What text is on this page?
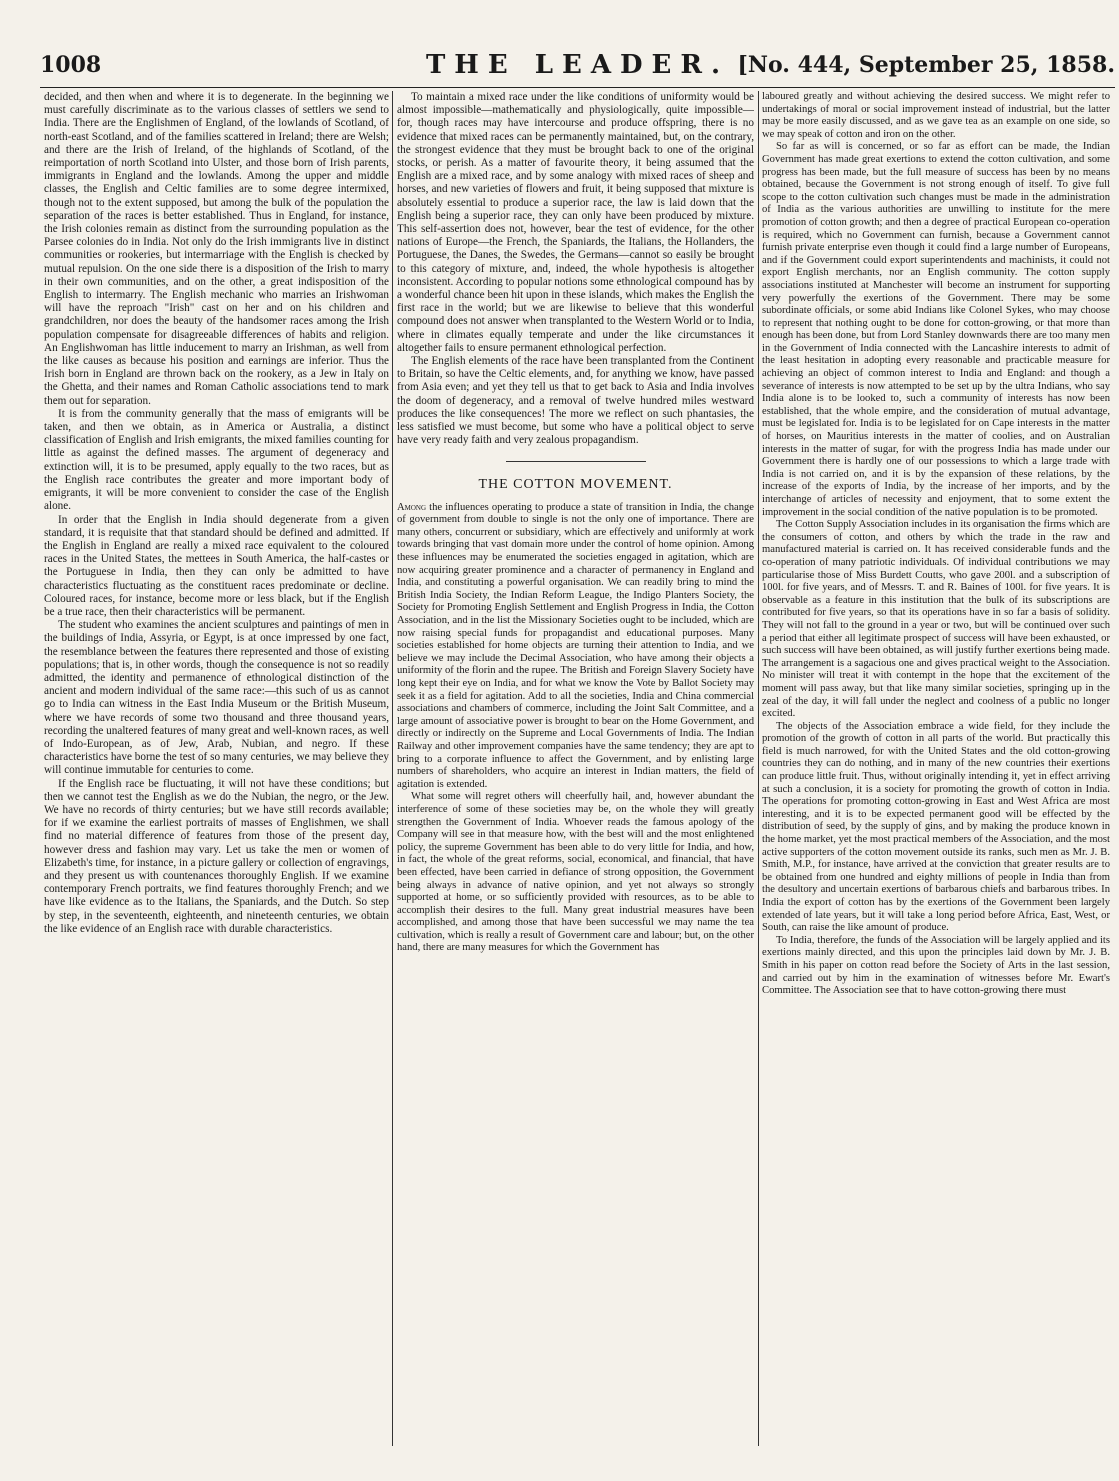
1008	THE LEADER. [No. 444, September 25, 1858.

decided, and then when and where it is to degenerate. In the beginning we must carefully discriminate as to the various classes of settlers we send to India. There are the Englishmen of England, of the lowlands of Scotland, of north-east Scotland, and of the families scattered in Ireland; there are Welsh; and there are the Irish of Ireland, of the highlands of Scotland, of the reimportation of north Scotland into Ulster, and those born of Irish parents, immigrants in England and the lowlands. Among the upper and middle classes, the English and Celtic families are to some degree intermixed, though not to the extent supposed, but among the bulk of the population the separation of the races is better established. Thus in England, for instance, the Irish colonies remain as distinct from the surrounding population as the Parsee colonies do in India. Not only do the Irish immigrants live in distinct communities or rookeries, but intermarriage with the English is checked by mutual repulsion. On the one side there is a disposition of the Irish to marry in their own communities, and on the other, a great indisposition of the English to intermarry. The English mechanic who marries an Irishwoman will have the reproach "Irish" cast on her and on his children and grandchildren, nor does the beauty of the handsomer races among the Irish population compensate for disagreeable differences of habits and religion. An Englishwoman has little inducement to marry an Irishman, as well from the like causes as because his position and earnings are inferior. Thus the Irish born in England are thrown back on the rookery, as a Jew in Italy on the Ghetta, and their names and Roman Catholic associations tend to mark them out for separation.

It is from the community generally that the mass of emigrants will be taken, and then we obtain, as in America or Australia, a distinct classification of English and Irish emigrants, the mixed families counting for little as against the defined masses. The argument of degeneracy and extinction will, it is to be presumed, apply equally to the two races, but as the English race contributes the greater and more important body of emigrants, it will be more convenient to consider the case of the English alone.

In order that the English in India should degenerate from a given standard, it is requisite that that standard should be defined and admitted. If the English in England are really a mixed race equivalent to the coloured races in the United States, the mettees in South America, the half-castes or the Portuguese in India, then they can only be admitted to have characteristics fluctuating as the constituent races predominate or decline. Coloured races, for instance, become more or less black, but if the English be a true race, then their characteristics will be permanent.

The student who examines the ancient sculptures and paintings of men in the buildings of India, Assyria, or Egypt, is at once impressed by one fact, the resemblance between the features there represented and those of existing populations; that is, in other words, though the consequence is not so readily admitted, the identity and permanence of ethnological distinction of the ancient and modern individual of the same race:—this such of us as cannot go to India can witness in the East India Museum or the British Museum, where we have records of some two thousand and three thousand years, recording the unaltered features of many great and well-known races, as well of Indo-European, as of Jew, Arab, Nubian, and negro. If these characteristics have borne the test of so many centuries, we may believe they will continue immutable for centuries to come.

If the English race be fluctuating, it will not have these conditions; but then we cannot test the English as we do the Nubian, the negro, or the Jew. We have no records of thirty centuries; but we have still records available; for if we examine the earliest portraits of masses of Englishmen, we shall find no material difference of features from those of the present day, however dress and fashion may vary. Let us take the men or women of Elizabeth's time, for instance, in a picture gallery or collection of engravings, and they present us with countenances thoroughly English. If we examine contemporary French portraits, we find features thoroughly French; and we have like evidence as to the Italians, the Spaniards, and the Dutch. So step by step, in the seventeenth, eighteenth, and nineteenth centuries, we obtain the like evidence of an English race with durable characteristics.

To maintain a mixed race under the like conditions of uniformity would be almost impossible—mathematically and physiologically, quite impossible—for, though races may have intercourse and produce offspring, there is no evidence that mixed races can be permanently maintained, but, on the contrary, the strongest evidence that they must be brought back to one of the original stocks, or perish. As a matter of favourite theory, it being assumed that the English are a mixed race, and by some analogy with mixed races of sheep and horses, and new varieties of flowers and fruit, it being supposed that mixture is absolutely essential to produce a superior race, the law is laid down that the English being a superior race, they can only have been produced by mixture. This self-assertion does not, however, bear the test of evidence, for the other nations of Europe—the French, the Spaniards, the Italians, the Hollanders, the Portuguese, the Danes, the Swedes, the Germans—cannot so easily be brought to this category of mixture, and, indeed, the whole hypothesis is altogether inconsistent. According to popular notions some ethnological compound has by a wonderful chance been hit upon in these islands, which makes the English the first race in the world; but we are likewise to believe that this wonderful compound does not answer when transplanted to the Western World or to India, where in climates equally temperate and under the like circumstances it altogether fails to ensure permanent ethnological perfection.

The English elements of the race have been transplanted from the Continent to Britain, so have the Celtic elements, and, for anything we know, have passed from Asia even; and yet they tell us that to get back to Asia and India involves the doom of degeneracy, and a removal of twelve hundred miles westward produces the like consequences! The more we reflect on such phantasies, the less satisfied we must become, but some who have a political object to serve have very ready faith and very zealous propagandism.

THE COTTON MOVEMENT.

Among the influences operating to produce a state of transition in India, the change of government from double to single is not the only one of importance. There are many others, concurrent or subsidiary, which are effectively and uniformly at work towards bringing that vast domain more under the control of home opinion. Among these influences may be enumerated the societies engaged in agitation, which are now acquiring greater prominence and a character of permanency in England and India, and constituting a powerful organisation. We can readily bring to mind the British India Society, the Indian Reform League, the Indigo Planters Society, the Society for Promoting English Settlement and English Progress in India, the Cotton Association, and in the list the Missionary Societies ought to be included, which are now raising special funds for propagandist and educational purposes. Many societies established for home objects are turning their attention to India, and we believe we may include the Decimal Association, who have among their objects a uniformity of the florin and the rupee. The British and Foreign Slavery Society have long kept their eye on India, and for what we know the Vote by Ballot Society may seek it as a field for agitation. Add to all the societies, India and China commercial associations and chambers of commerce, including the Joint Salt Committee, and a large amount of associative power is brought to bear on the Home Government, and directly or indirectly on the Supreme and Local Governments of India. The Indian Railway and other improvement companies have the same tendency; they are apt to bring to a corporate influence to affect the Government, and by enlisting large numbers of shareholders, who acquire an interest in Indian matters, the field of agitation is extended.

What some will regret others will cheerfully hail, and, however abundant the interference of some of these societies may be, on the whole they will greatly strengthen the Government of India. Whoever reads the famous apology of the Company will see in that measure how, with the best will and the most enlightened policy, the supreme Government has been able to do very little for India, and how, in fact, the whole of the great reforms, social, economical, and financial, that have been effected, have been carried in defiance of strong opposition, the Government being always in advance of native opinion, and yet not always so strongly supported at home, or so sufficiently provided with resources, as to be able to accomplish their desires to the full. Many great industrial measures have been accomplished, and among those that have been successful we may name the tea cultivation, which is really a result of Government care and labour; but, on the other hand, there are many measures for which the Government has

laboured greatly and without achieving the desired success. We might refer to undertakings of moral or social improvement instead of industrial, but the latter may be more easily discussed, and as we gave tea as an example on one side, so we may speak of cotton and iron on the other.

So far as will is concerned, or so far as effort can be made, the Indian Government has made great exertions to extend the cotton cultivation, and some progress has been made, but the full measure of success has been by no means obtained, because the Government is not strong enough of itself. To give full scope to the cotton cultivation such changes must be made in the administration of India as the various authorities are unwilling to institute for the mere promotion of cotton growth; and then a degree of practical European co-operation is required, which no Government can furnish, because a Government cannot furnish private enterprise even though it could find a large number of Europeans, and if the Government could export superintendents and machinists, it could not export English merchants, nor an English community. The cotton supply associations instituted at Manchester will become an instrument for supporting very powerfully the exertions of the Government. There may be some subordinate officials, or some abid Indians like Colonel Sykes, who may choose to represent that nothing ought to be done for cotton-growing, or that more than enough has been done, but from Lord Stanley downwards there are too many men in the Government of India connected with the Lancashire interests to admit of the least hesitation in adopting every reasonable and practicable measure for achieving an object of common interest to India and England: and though a severance of interests is now attempted to be set up by the ultra Indians, who say India alone is to be looked to, such a community of interests has now been established, that the whole empire, and the consideration of mutual advantage, must be legislated for. India is to be legislated for on Cape interests in the matter of horses, on Mauritius interests in the matter of coolies, and on Australian interests in the matter of sugar, for with the progress India has made under our Government there is hardly one of our possessions to which a large trade with India is not carried on, and it is by the expansion of these relations, by the increase of the exports of India, by the increase of her imports, and by the interchange of articles of necessity and enjoyment, that to some extent the improvement in the social condition of the native population is to be promoted.

The Cotton Supply Association includes in its organisation the firms which are the consumers of cotton, and others by which the trade in the raw and manufactured material is carried on. It has received considerable funds and the co-operation of many patriotic individuals. Of individual contributions we may particularise those of Miss Burdett Coutts, who gave 200l. and a subscription of 100l. for five years, and of Messrs. T. and R. Baines of 100l. for five years. It is observable as a feature in this institution that the bulk of its subscriptions are contributed for five years, so that its operations have in so far a basis of solidity. They will not fall to the ground in a year or two, but will be continued over such a period that either all legitimate prospect of success will have been exhausted, or such success will have been obtained, as will justify further exertions being made. The arrangement is a sagacious one and gives practical weight to the Association. No minister will treat it with contempt in the hope that the excitement of the moment will pass away, but that like many similar societies, springing up in the zeal of the day, it will fall under the neglect and coolness of a public no longer excited.

The objects of the Association embrace a wide field, for they include the promotion of the growth of cotton in all parts of the world. But practically this field is much narrowed, for with the United States and the old cotton-growing countries they can do nothing, and in many of the new countries their exertions can produce little fruit. Thus, without originally intending it, yet in effect arriving at such a conclusion, it is a society for promoting the growth of cotton in India. The operations for promoting cotton-growing in East and West Africa are most interesting, and it is to be expected permanent good will be effected by the distribution of seed, by the supply of gins, and by making the produce known in the home market, yet the most practical members of the Association, and the most active supporters of the cotton movement outside its ranks, such men as Mr. J. B. Smith, M.P., for instance, have arrived at the conviction that greater results are to be obtained from one hundred and eighty millions of people in India than from the desultory and uncertain exertions of barbarous chiefs and barbarous tribes. In India the export of cotton has by the exertions of the Government been largely extended of late years, but it will take a long period before Africa, East, West, or South, can raise the like amount of produce.

To India, therefore, the funds of the Association will be largely applied and its exertions mainly directed, and this upon the principles laid down by Mr. J. B. Smith in his paper on cotton read before the Society of Arts in the last session, and carried out by him in the examination of witnesses before Mr. Ewart's Committee. The Association see that to have cotton-growing there must
